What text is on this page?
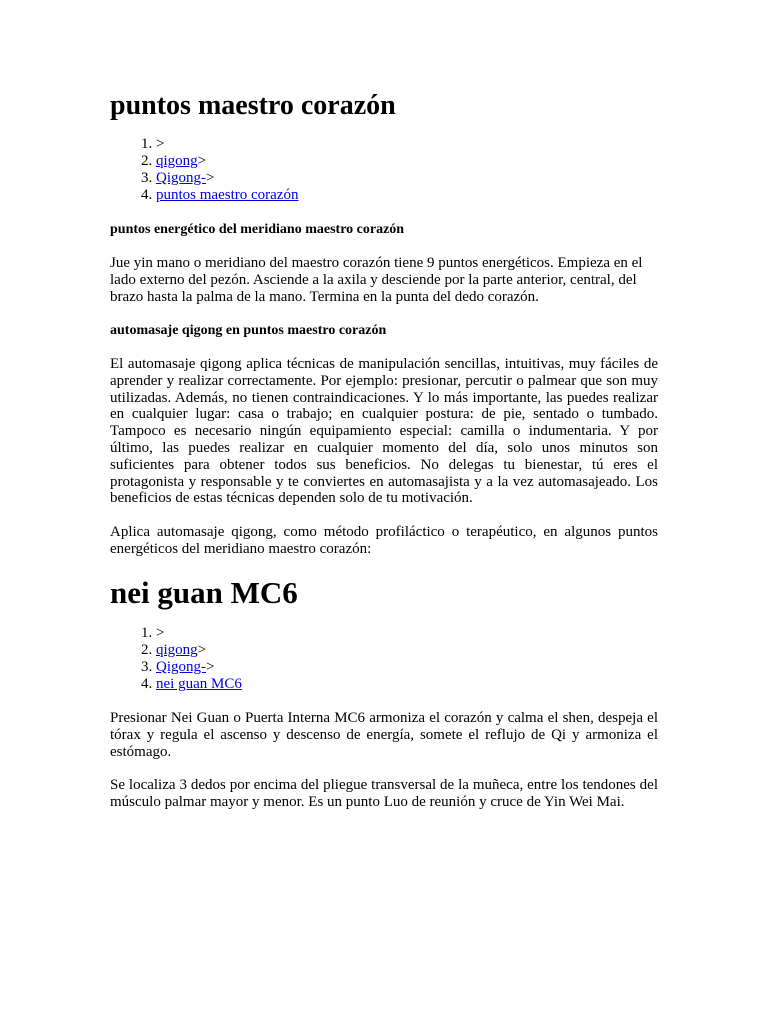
puntos maestro corazón
1. >
2. qigong>
3. Qigong->
4. puntos maestro corazón
puntos energético del meridiano maestro corazón

Jue yin mano o meridiano del maestro corazón tiene 9 puntos energéticos. Empieza en el lado externo del pezón. Asciende a la axila y desciende por la parte anterior, central, del brazo hasta la palma de la mano. Termina en la punta del dedo corazón.

automasaje qigong en puntos maestro corazón

El automasaje qigong aplica técnicas de manipulación sencillas, intuitivas, muy fáciles de aprender y realizar correctamente. Por ejemplo: presionar, percutir o palmear que son muy utilizadas. Además, no tienen contraindicaciones. Y lo más importante, las puedes realizar en cualquier lugar: casa o trabajo; en cualquier postura: de pie, sentado o tumbado. Tampoco es necesario ningún equipamiento especial: camilla o indumentaria. Y por último, las puedes realizar en cualquier momento del día, solo unos minutos son suficientes para obtener todos sus beneficios. No delegas tu bienestar, tú eres el protagonista y responsable y te conviertes en automasajista y a la vez automasajeado. Los beneficios de estas técnicas dependen solo de tu motivación.

Aplica automasaje qigong, como método profiláctico o terapéutico, en algunos puntos energéticos del meridiano maestro corazón:

nei guan MC6
1. >
2. qigong>
3. Qigong->
4. nei guan MC6

Presionar Nei Guan o Puerta Interna MC6 armoniza el corazón y calma el shen, despeja el tórax y regula el ascenso y descenso de energía, somete el reflujo de Qi y armoniza el estómago.

Se localiza 3 dedos por encima del pliegue transversal de la muñeca, entre los tendones del músculo palmar mayor y menor. Es un punto Luo de reunión y cruce de Yin Wei Mai.
